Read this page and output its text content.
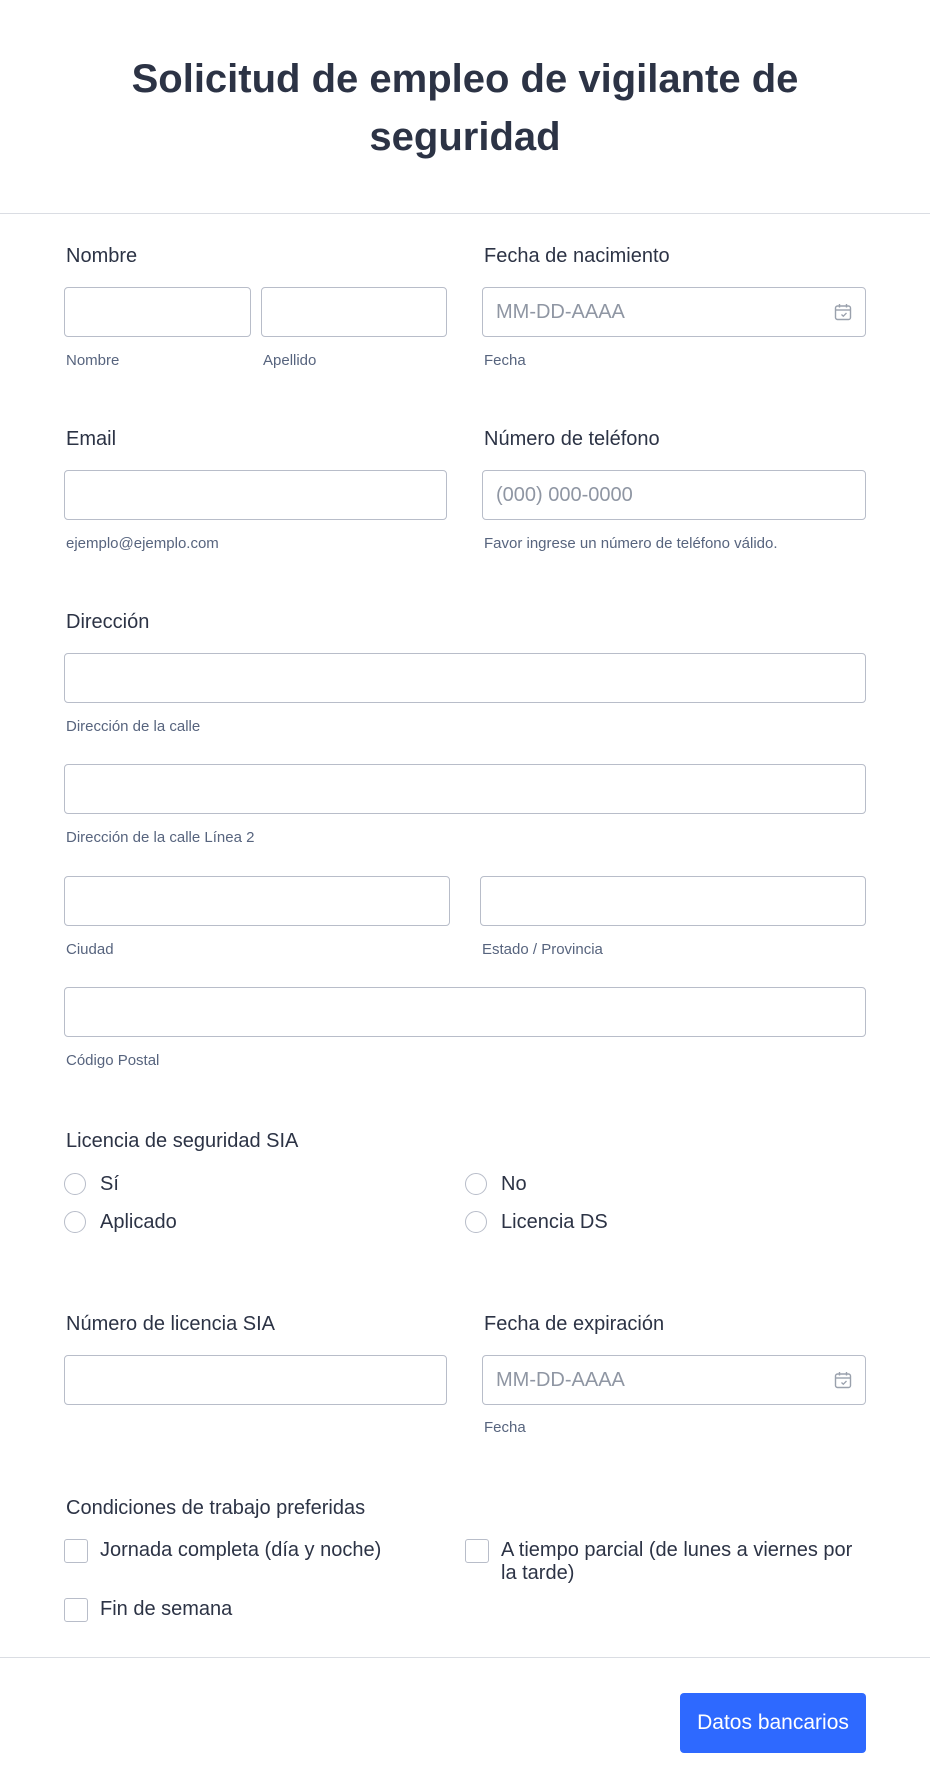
Solicitud de empleo de vigilante de seguridad
Nombre
Nombre	Apellido
Fecha de nacimiento
MM-DD-AAAA
Fecha
Email
ejemplo@ejemplo.com
Número de teléfono
(000) 000-0000
Favor ingrese un número de teléfono válido.
Dirección
Dirección de la calle
Dirección de la calle Línea 2
Ciudad	Estado / Provincia
Código Postal
Licencia de seguridad SIA
Sí	No
Aplicado	Licencia DS
Número de licencia SIA	Fecha de expiración
MM-DD-AAAA
Fecha
Condiciones de trabajo preferidas
Jornada completa (día y noche)	A tiempo parcial (de lunes a viernes por la tarde)
Fin de semana
Datos bancarios
